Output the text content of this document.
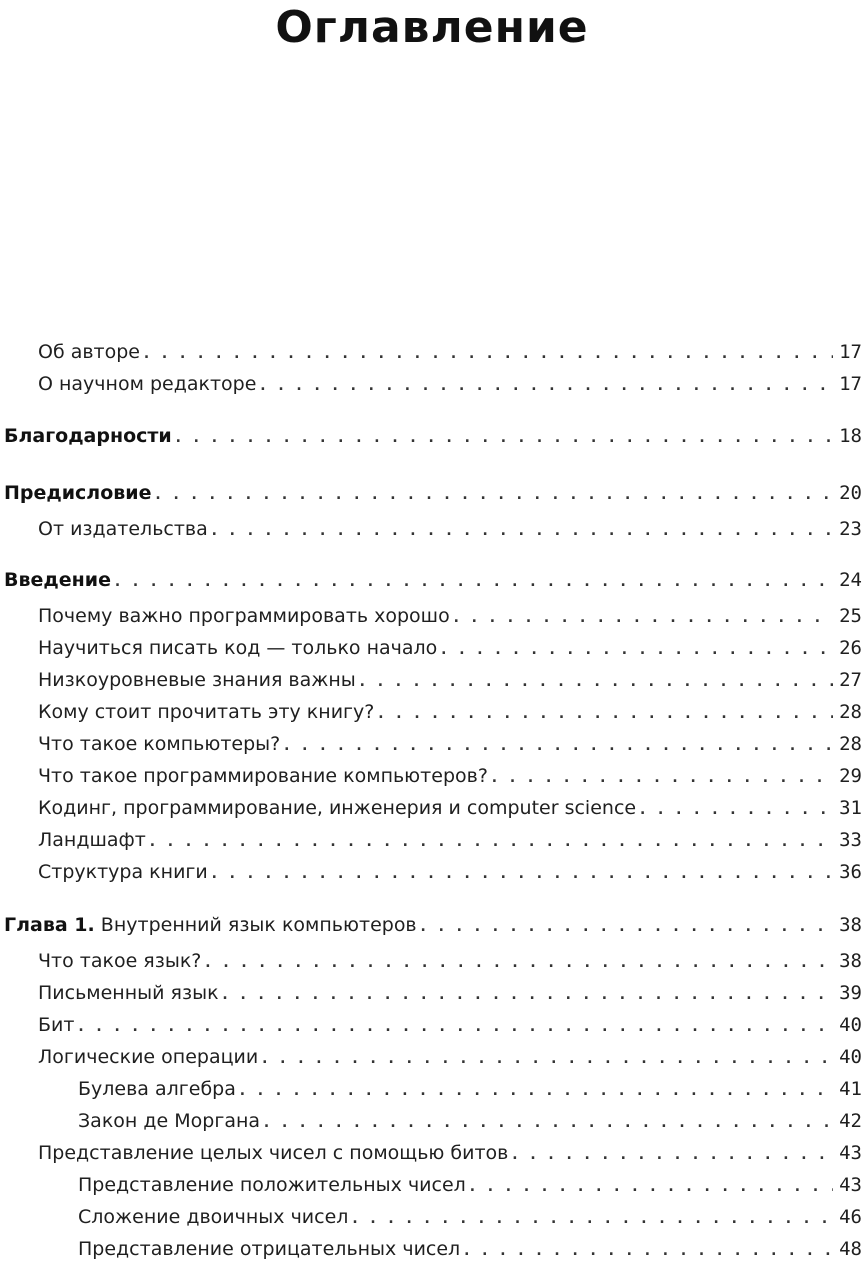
Оглавление
Об авторе . . .	17
О научном редакторе . . .	17
Благодарности . . .	18
Предисловие . . .	20
От издательства . . .	23
Введение . . .	24
Почему важно программировать хорошо . . .	25
Научиться писать код — только начало . . .	26
Низкоуровневые знания важны . . .	27
Кому стоит прочитать эту книгу? . . .	28
Что такое компьютеры? . . .	28
Что такое программирование компьютеров? . . .	29
Кодинг, программирование, инженерия и computer science . . .	31
Ландшафт . . .	33
Структура книги . . .	36
Глава 1. Внутренний язык компьютеров . . .	38
Что такое язык? . . .	38
Письменный язык . . .	39
Бит . . .	40
Логические операции . . .	40
Булева алгебра . . .	41
Закон де Моргана . . .	42
Представление целых чисел с помощью битов . . .	43
Представление положительных чисел . . .	43
Сложение двоичных чисел . . .	46
Представление отрицательных чисел . . .	48
